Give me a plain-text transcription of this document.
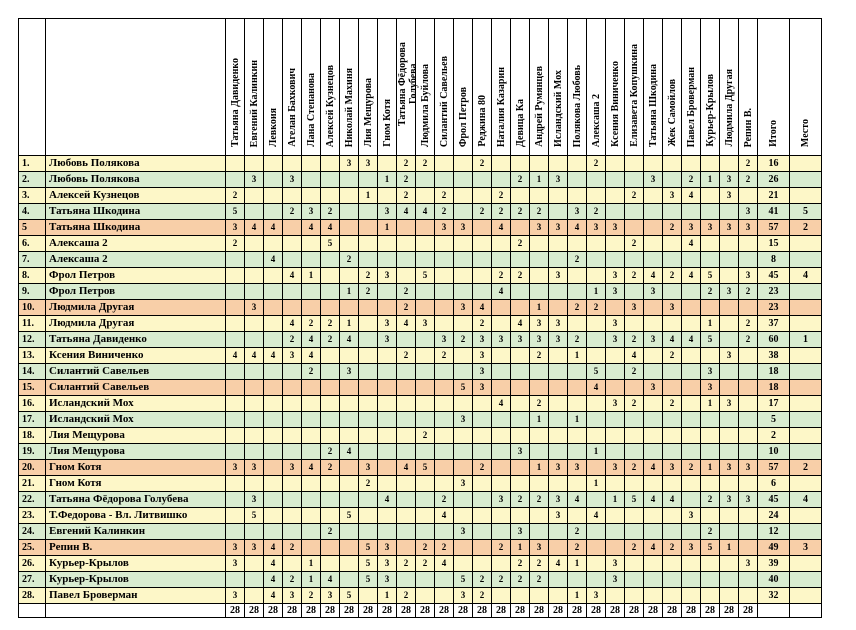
		Татьяна Давиденко	Евгений Калинкин	Левкоия	Агелан Бахкович	Лана Степанова	Алексей Кузнецов	Николай Махиня	Лия Мещурова	Гном Котя	Татьяна Фёдорова Голубева	Людмила Буйлова	Силантий Савельев	Фрол Петров	Реджина 80	Наталия Казарин	Девица Ка	Андрей Румянцев	Исландский Мох	Полякова Любовь	Алексаша 2	Ксения Виниченко	Елизавета Копушкина	Татьяна Шкодина	Жек Самойлов	Павел Броверман	Курьер-Крылов	Людмила Другая	Репин В.	Итого	Место
1.	Любовь Полякова							3	3		2	2			2						2								2	16	
2.	Любовь Полякова		3		3					1	2						2	1	3					3		2	1	3	2	26	
3.	Алексей Кузнецов	2							1		2		2			2							2		3	4		3		21	
4.	Татьяна Шкодина	5			2	3	2			3	4	4	2		2	2	2	2		3	2								3	41	5
5	Татьяна Шкодина	3	4	4		4	4			1			3	3		4		3	3	4	3	3			2	3	3	3	3	57	2
6.	Алексаша 2	2					5										2						2			4				15	
7.	Алексаша 2			4				2												2										8	
8.	Фрол Петров				4	1			2	3		5				2	2		3			3	2	4	2	4	5		3	45	4
9.	Фрол Петров							1	2		2					4					1	3		3			2	3	2	23	
10.	Людмила Другая		3								2			3	4			1		2	2		3		3					23	
11.	Людмила Другая				4	2	2	1		3	4	3			2		4	3	3			3					1		2	37	
12.	Татьяна Давиденко				2	4	2	4		3			3	2	3	3	3	3	3	2		3	2	3	4	4	5		2	60	1
13.	Ксения Виниченко	4	4	4	3	4					2		2		3			2		1			4		2			3		38	
14.	Силантий Савельев					2		3							3						5		2				3			18	
15.	Силантий Савельев													5	3						4			3			3			18	
16.	Исландский Мох															4		2				3	2		2		1	3		17	
17.	Исландский Мох													3				1		1										5	
18.	Лия Мещурова											2																		2	
19.	Лия Мещурова						2	4									3				1									10	
20.	Гном Котя	3	3		3	4	2		3		4	5			2			1	3	3		3	2	4	3	2	1	3	3	57	2
21.	Гном Котя								2					3							1									6	
22.	Татьяна Фёдорова Голубева		3							4			2			3	2	2	3	4		1	5	4	4		2	3	3	45	4
23.	Т.Федорова - Вл. Литвишко		5					5					4						3		4					3				24	
24.	Евгений Калинкин						2							3			3			2							2			12	
25.	Репин В.	3	3	4	2				5	3		2	2			2	1	3		2			2	4	2	3	5	1		49	3
26.	Курьер-Крылов	3		4		1			5	3	2	2	4				2	2	4	1		3							3	39	
27.	Курьер-Крылов			4	2	1	4		5	3				5	2	2	2	2				3								40	
28.	Павел Броверман	3		4	3	2	3	5		1	2			3	2					1	3									32	
		28	28	28	28	28	28	28	28	28	28	28	28	28	28	28	28	28	28	28	28	28	28	28	28	28	28	28	28		
